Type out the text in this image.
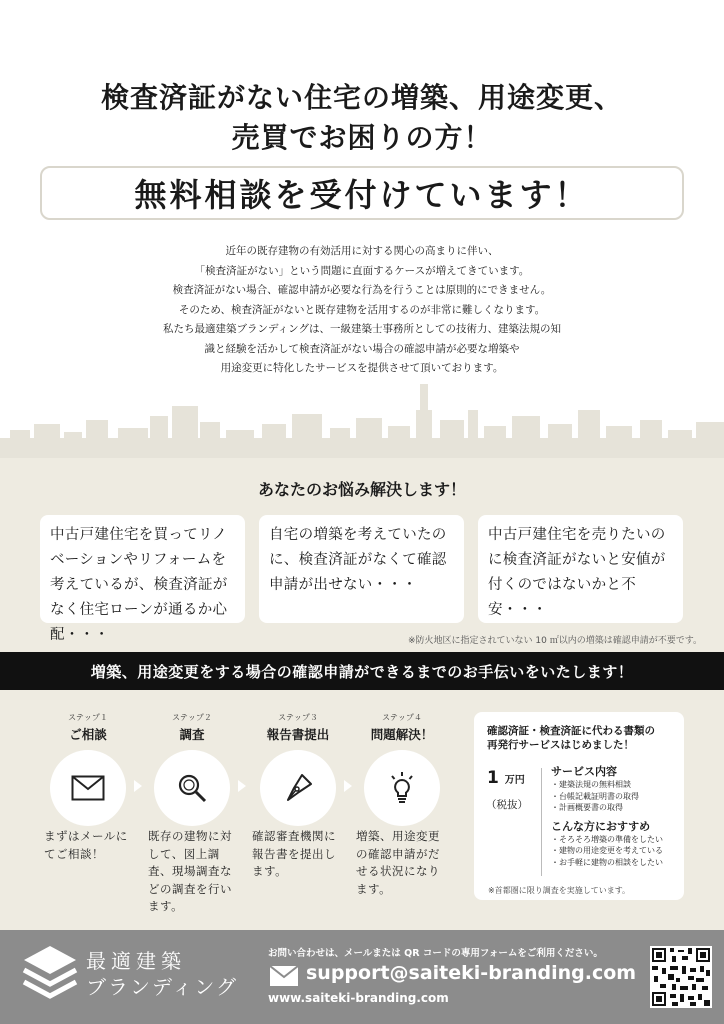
検査済証がない住宅の増築、用途変更、
売買でお困りの方！
無料相談を受付けています！
近年の既存建物の有効活用に対する関心の高まりに伴い、
「検査済証がない」という問題に直面するケースが増えてきています。
検査済証がない場合、確認申請が必要な行為を行うことは原則的にできません。
そのため、検査済証がないと既存建物を活用するのが非常に難しくなります。
私たち最適建築ブランディングは、一級建築士事務所としての技術力、建築法規の知
識と経験を活かして検査済証がない場合の確認申請が必要な増築や
用途変更に特化したサービスを提供させて頂いております。
あなたのお悩み解決します！
中古戸建住宅を買ってリノベーションやリフォームを考えているが、検査済証がなく住宅ローンが通るか心配・・・
自宅の増築を考えていたのに、検査済証がなくて確認申請が出せない・・・
中古戸建住宅を売りたいのに検査済証がないと安値が付くのではないかと不安・・・
※防火地区に指定されていない 10 ㎡以内の増築は確認申請が不要です。
増築、用途変更をする場合の確認申請ができるまでのお手伝いをいたします！
ステップ１
ご相談
ステップ２
調査
ステップ３
報告書提出
ステップ４
問題解決！
まずはメールにてご相談！
既存の建物に対して、図上調査、現場調査などの調査を行います。
確認審査機関に報告書を提出します。
増築、用途変更の確認申請がだせる状況になります。
確認済証・検査済証に代わる書類の
再発行サービスはじめました！
1 万円
（税抜）
サービス内容
・建築法規の無料相談
・台帳記載証明書の取得
・計画概要書の取得
こんな方におすすめ
・そろそろ増築の準備をしたい
・建物の用途変更を考えている
・お手軽に建物の相談をしたい
※首都圏に限り調査を実施しています。
最適建築
ブランディング
お問い合わせは、メールまたは QR コードの専用フォームをご利用ください。
support@saiteki-branding.com
www.saiteki-branding.com
